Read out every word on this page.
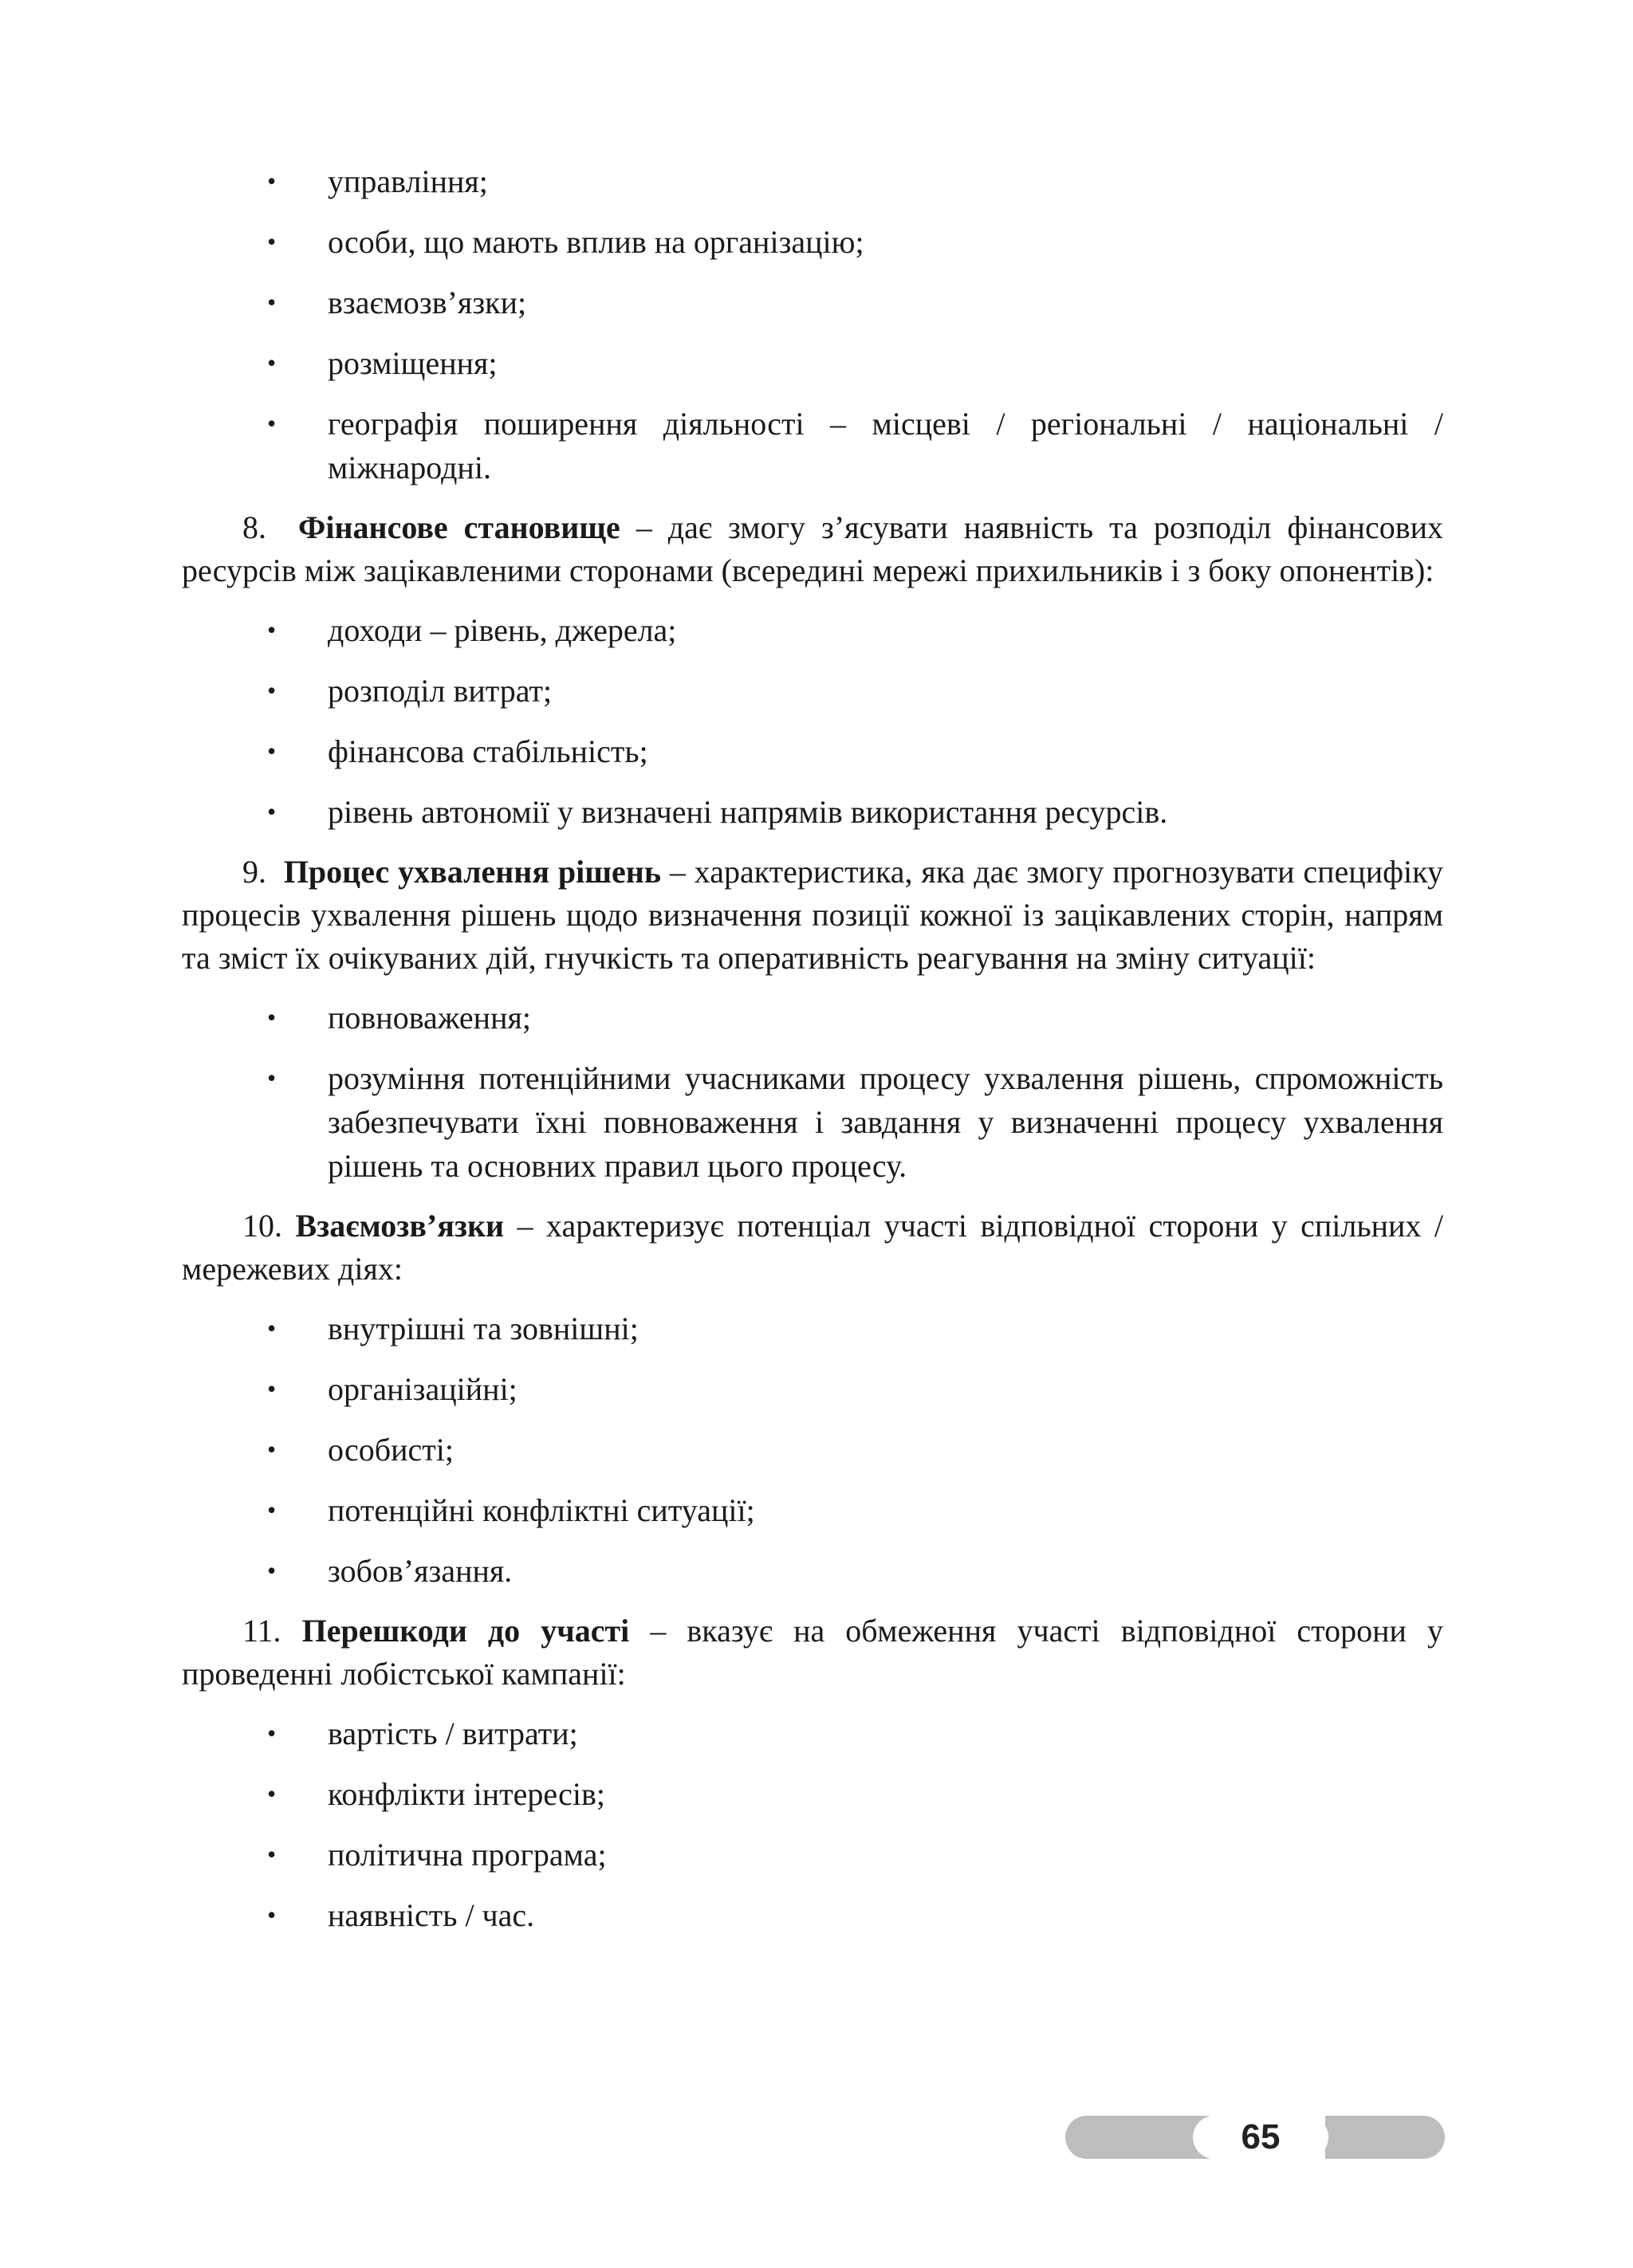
• управління;
• особи, що мають вплив на організацію;
• взаємозв’язки;
• розміщення;
• географія поширення діяльності – місцеві / регіональні / національні / міжнародні.

8. Фінансове становище – дає змогу з’ясувати наявність та розподіл фінансових ресурсів між зацікавленими сторонами (всередині мережі прихильників і з боку опонентів):

• доходи – рівень, джерела;
• розподіл витрат;
• фінансова стабільність;
• рівень автономії у визначені напрямів використання ресурсів.

9. Процес ухвалення рішень – характеристика, яка дає змогу прогнозувати специфіку процесів ухвалення рішень щодо визначення позиції кожної із зацікавлених сторін, напрям та зміст їх очікуваних дій, гнучкість та оперативність реагування на зміну ситуації:

• повноваження;
• розуміння потенційними учасниками процесу ухвалення рішень, спроможність забезпечувати їхні повноваження і завдання у визначенні процесу ухвалення рішень та основних правил цього процесу.

10. Взаємозв’язки – характеризує потенціал участі відповідної сторони у спільних / мережевих діях:

• внутрішні та зовнішні;
• організаційні;
• особисті;
• потенційні конфліктні ситуації;
• зобов’язання.

11. Перешкоди до участі – вказує на обмеження участі відповідної сторони у проведенні лобістської кампанії:

• вартість / витрати;
• конфлікти інтересів;
• політична програма;
• наявність / час.
65
